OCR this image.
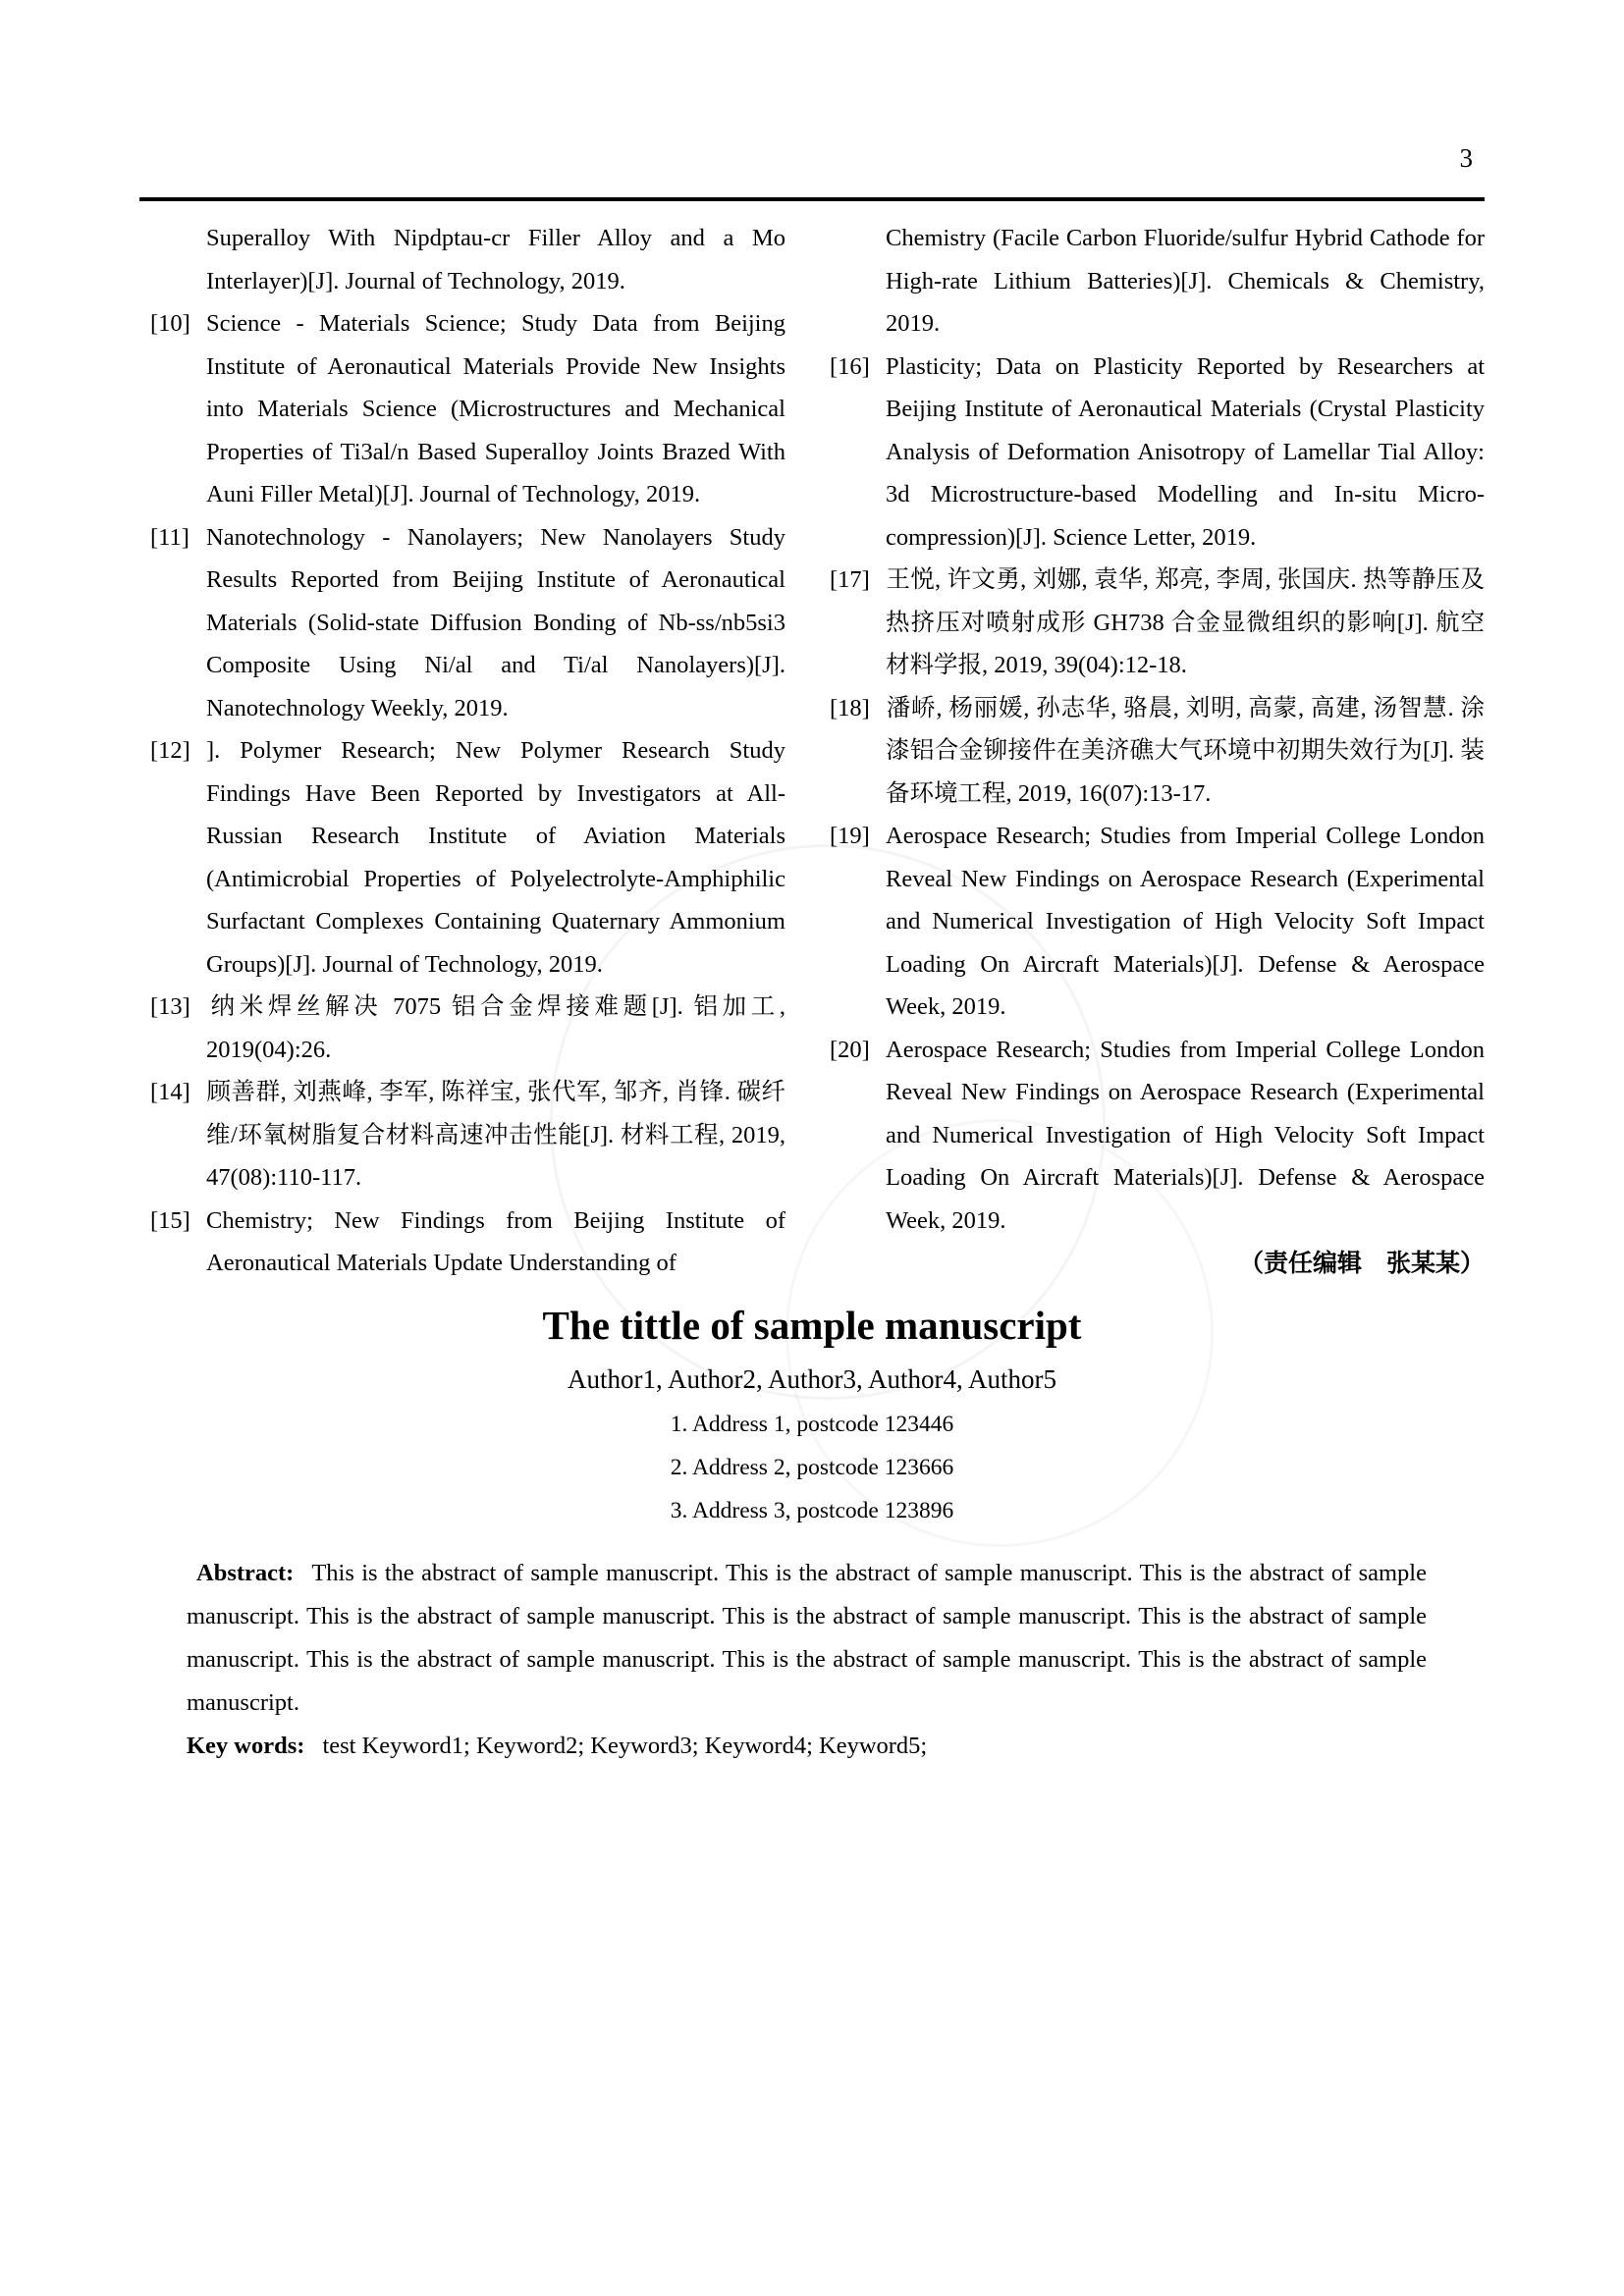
3

Superalloy With Nipdptau-cr Filler Alloy and a Mo Interlayer)[J]. Journal of Technology, 2019.

[10] Science - Materials Science; Study Data from Beijing Institute of Aeronautical Materials Provide New Insights into Materials Science (Microstructures and Mechanical Properties of Ti3al/n Based Superalloy Joints Brazed With Auni Filler Metal)[J]. Journal of Technology, 2019.

[11] Nanotechnology - Nanolayers; New Nanolayers Study Results Reported from Beijing Institute of Aeronautical Materials (Solid-state Diffusion Bonding of Nb-ss/nb5si3 Composite Using Ni/al and Ti/al Nanolayers)[J]. Nanotechnology Weekly, 2019.

[12] ]. Polymer Research; New Polymer Research Study Findings Have Been Reported by Investigators at All-Russian Research Institute of Aviation Materials (Antimicrobial Properties of Polyelectrolyte-Amphiphilic Surfactant Complexes Containing Quaternary Ammonium Groups)[J]. Journal of Technology, 2019.

[13] 纳米焊丝解决 7075 铝合金焊接难题[J]. 铝加工, 2019(04):26.

[14] 顾善群, 刘燕峰, 李军, 陈祥宝, 张代军, 邹齐, 肖锋. 碳纤维/环氧树脂复合材料高速冲击性能[J]. 材料工程, 2019, 47(08):110-117.

[15] Chemistry; New Findings from Beijing Institute of Aeronautical Materials Update Understanding of

Chemistry (Facile Carbon Fluoride/sulfur Hybrid Cathode for High-rate Lithium Batteries)[J]. Chemicals & Chemistry, 2019.

[16] Plasticity; Data on Plasticity Reported by Researchers at Beijing Institute of Aeronautical Materials (Crystal Plasticity Analysis of Deformation Anisotropy of Lamellar Tial Alloy: 3d Microstructure-based Modelling and In-situ Micro-compression)[J]. Science Letter, 2019.

[17] 王悦, 许文勇, 刘娜, 袁华, 郑亮, 李周, 张国庆. 热等静压及热挤压对喷射成形 GH738 合金显微组织的影响[J]. 航空材料学报, 2019, 39(04):12-18.

[18] 潘峤, 杨丽媛, 孙志华, 骆晨, 刘明, 高蒙, 高建, 汤智慧. 涂漆铝合金铆接件在美济礁大气环境中初期失效行为[J]. 装备环境工程, 2019, 16(07):13-17.

[19] Aerospace Research; Studies from Imperial College London Reveal New Findings on Aerospace Research (Experimental and Numerical Investigation of High Velocity Soft Impact Loading On Aircraft Materials)[J]. Defense & Aerospace Week, 2019.

[20] Aerospace Research; Studies from Imperial College London Reveal New Findings on Aerospace Research (Experimental and Numerical Investigation of High Velocity Soft Impact Loading On Aircraft Materials)[J]. Defense & Aerospace Week, 2019.

（责任编辑　张某某）

The tittle of sample manuscript
Author1, Author2, Author3, Author4, Author5
1. Address 1, postcode 123446
2. Address 2, postcode 123666
3. Address 3, postcode 123896

Abstract: This is the abstract of sample manuscript. This is the abstract of sample manuscript. This is the abstract of sample manuscript. This is the abstract of sample manuscript. This is the abstract of sample manuscript. This is the abstract of sample manuscript. This is the abstract of sample manuscript. This is the abstract of sample manuscript. This is the abstract of sample manuscript.

Key words: test Keyword1; Keyword2; Keyword3; Keyword4; Keyword5;
